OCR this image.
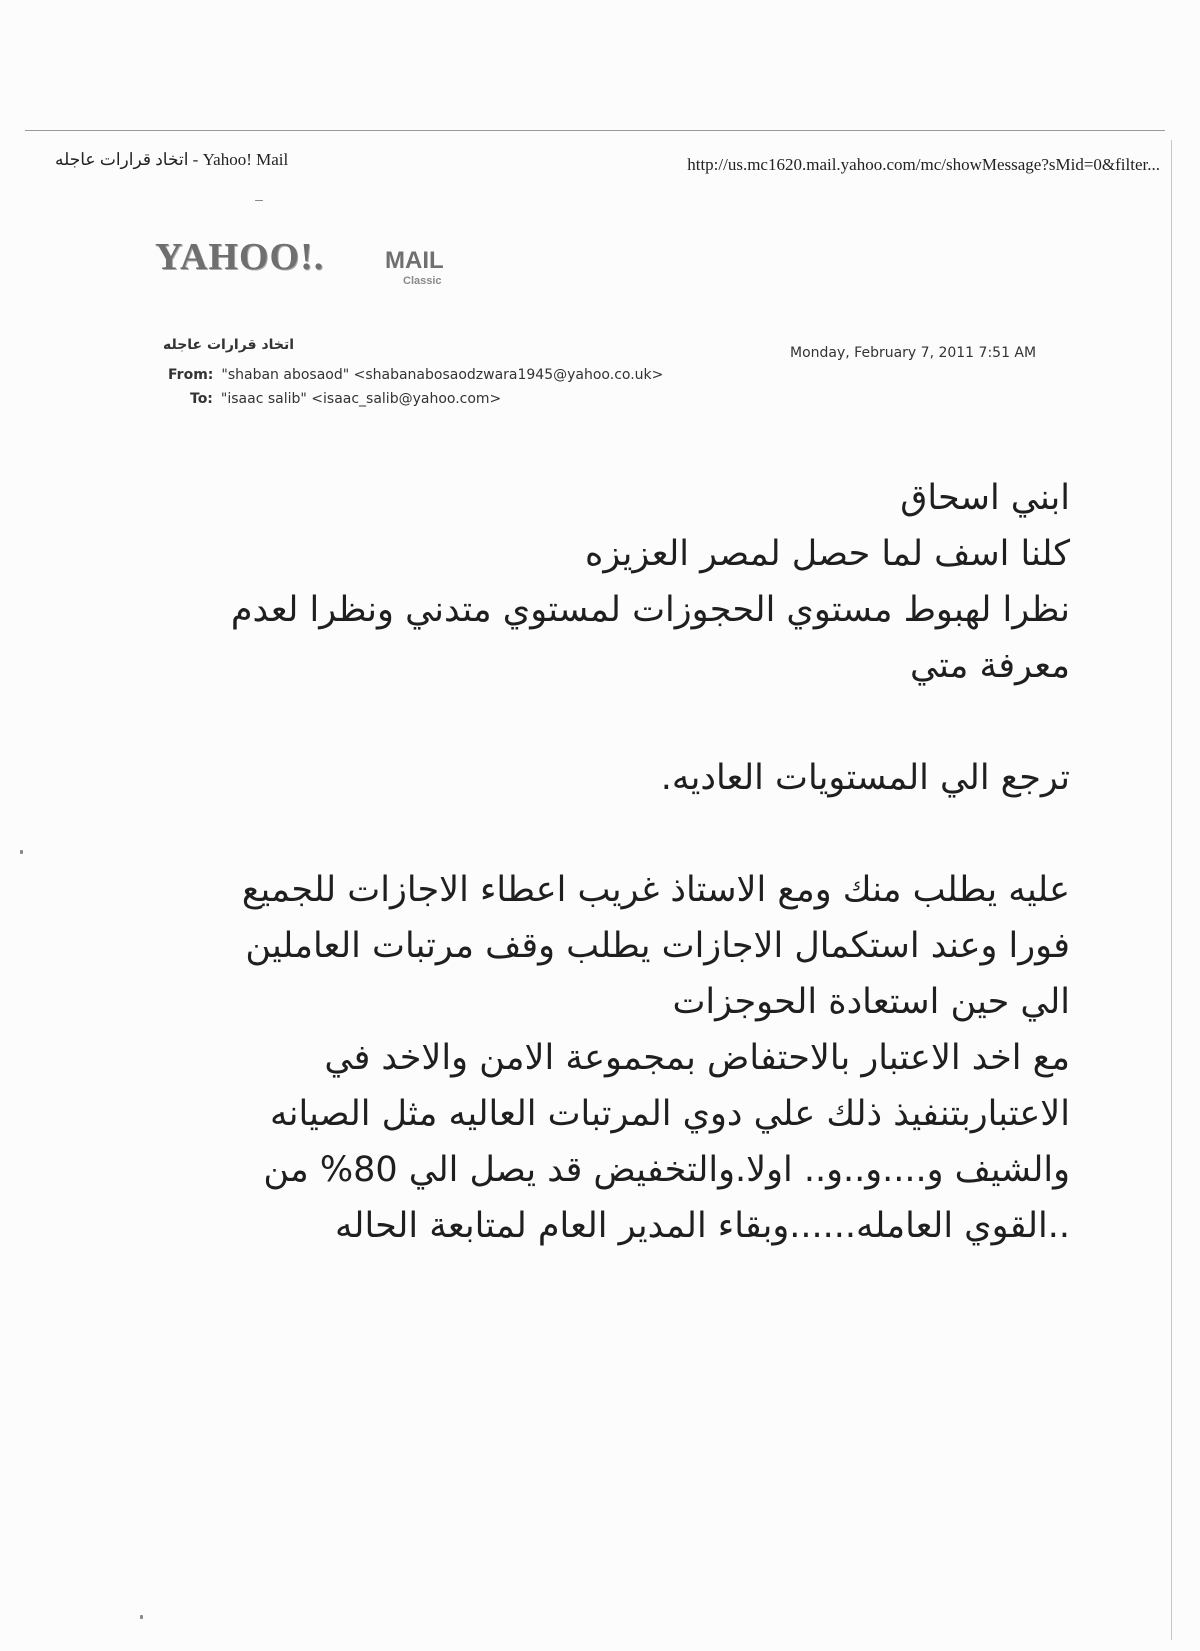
اتخاد قرارات عاجله - Yahoo! Mail	http://us.mc1620.mail.yahoo.com/mc/showMessage?sMid=0&filter...
YAHOO!.	MAIL
Classic
اتخاد قرارات عاجله	Monday, February 7, 2011 7:51 AM
From: "shaban abosaod" <shabanabosaodzwara1945@yahoo.co.uk>
To: "isaac salib" <isaac_salib@yahoo.com>
ابني اسحاق
كلنا اسف لما حصل لمصر العزيزه
نظرا لهبوط مستوي الحجوزات لمستوي متدني ونظرا لعدم
معرفة متي
ترجع الي المستويات العاديه.
عليه يطلب منك ومع الاستاذ غريب اعطاء الاجازات للجميع
فورا وعند استكمال الاجازات يطلب وقف مرتبات العاملين
الي حين استعادة الحوجزات
مع اخد الاعتبار بالاحتفاض بمجموعة الامن والاخد في
الاعتباربتنفيذ ذلك علي دوي المرتبات العاليه مثل الصيانه
والشيف و....و..و.. اولا.والتخفيض قد يصل الي 80% من
..القوي العامله......وبقاء المدير العام لمتابعة الحاله
